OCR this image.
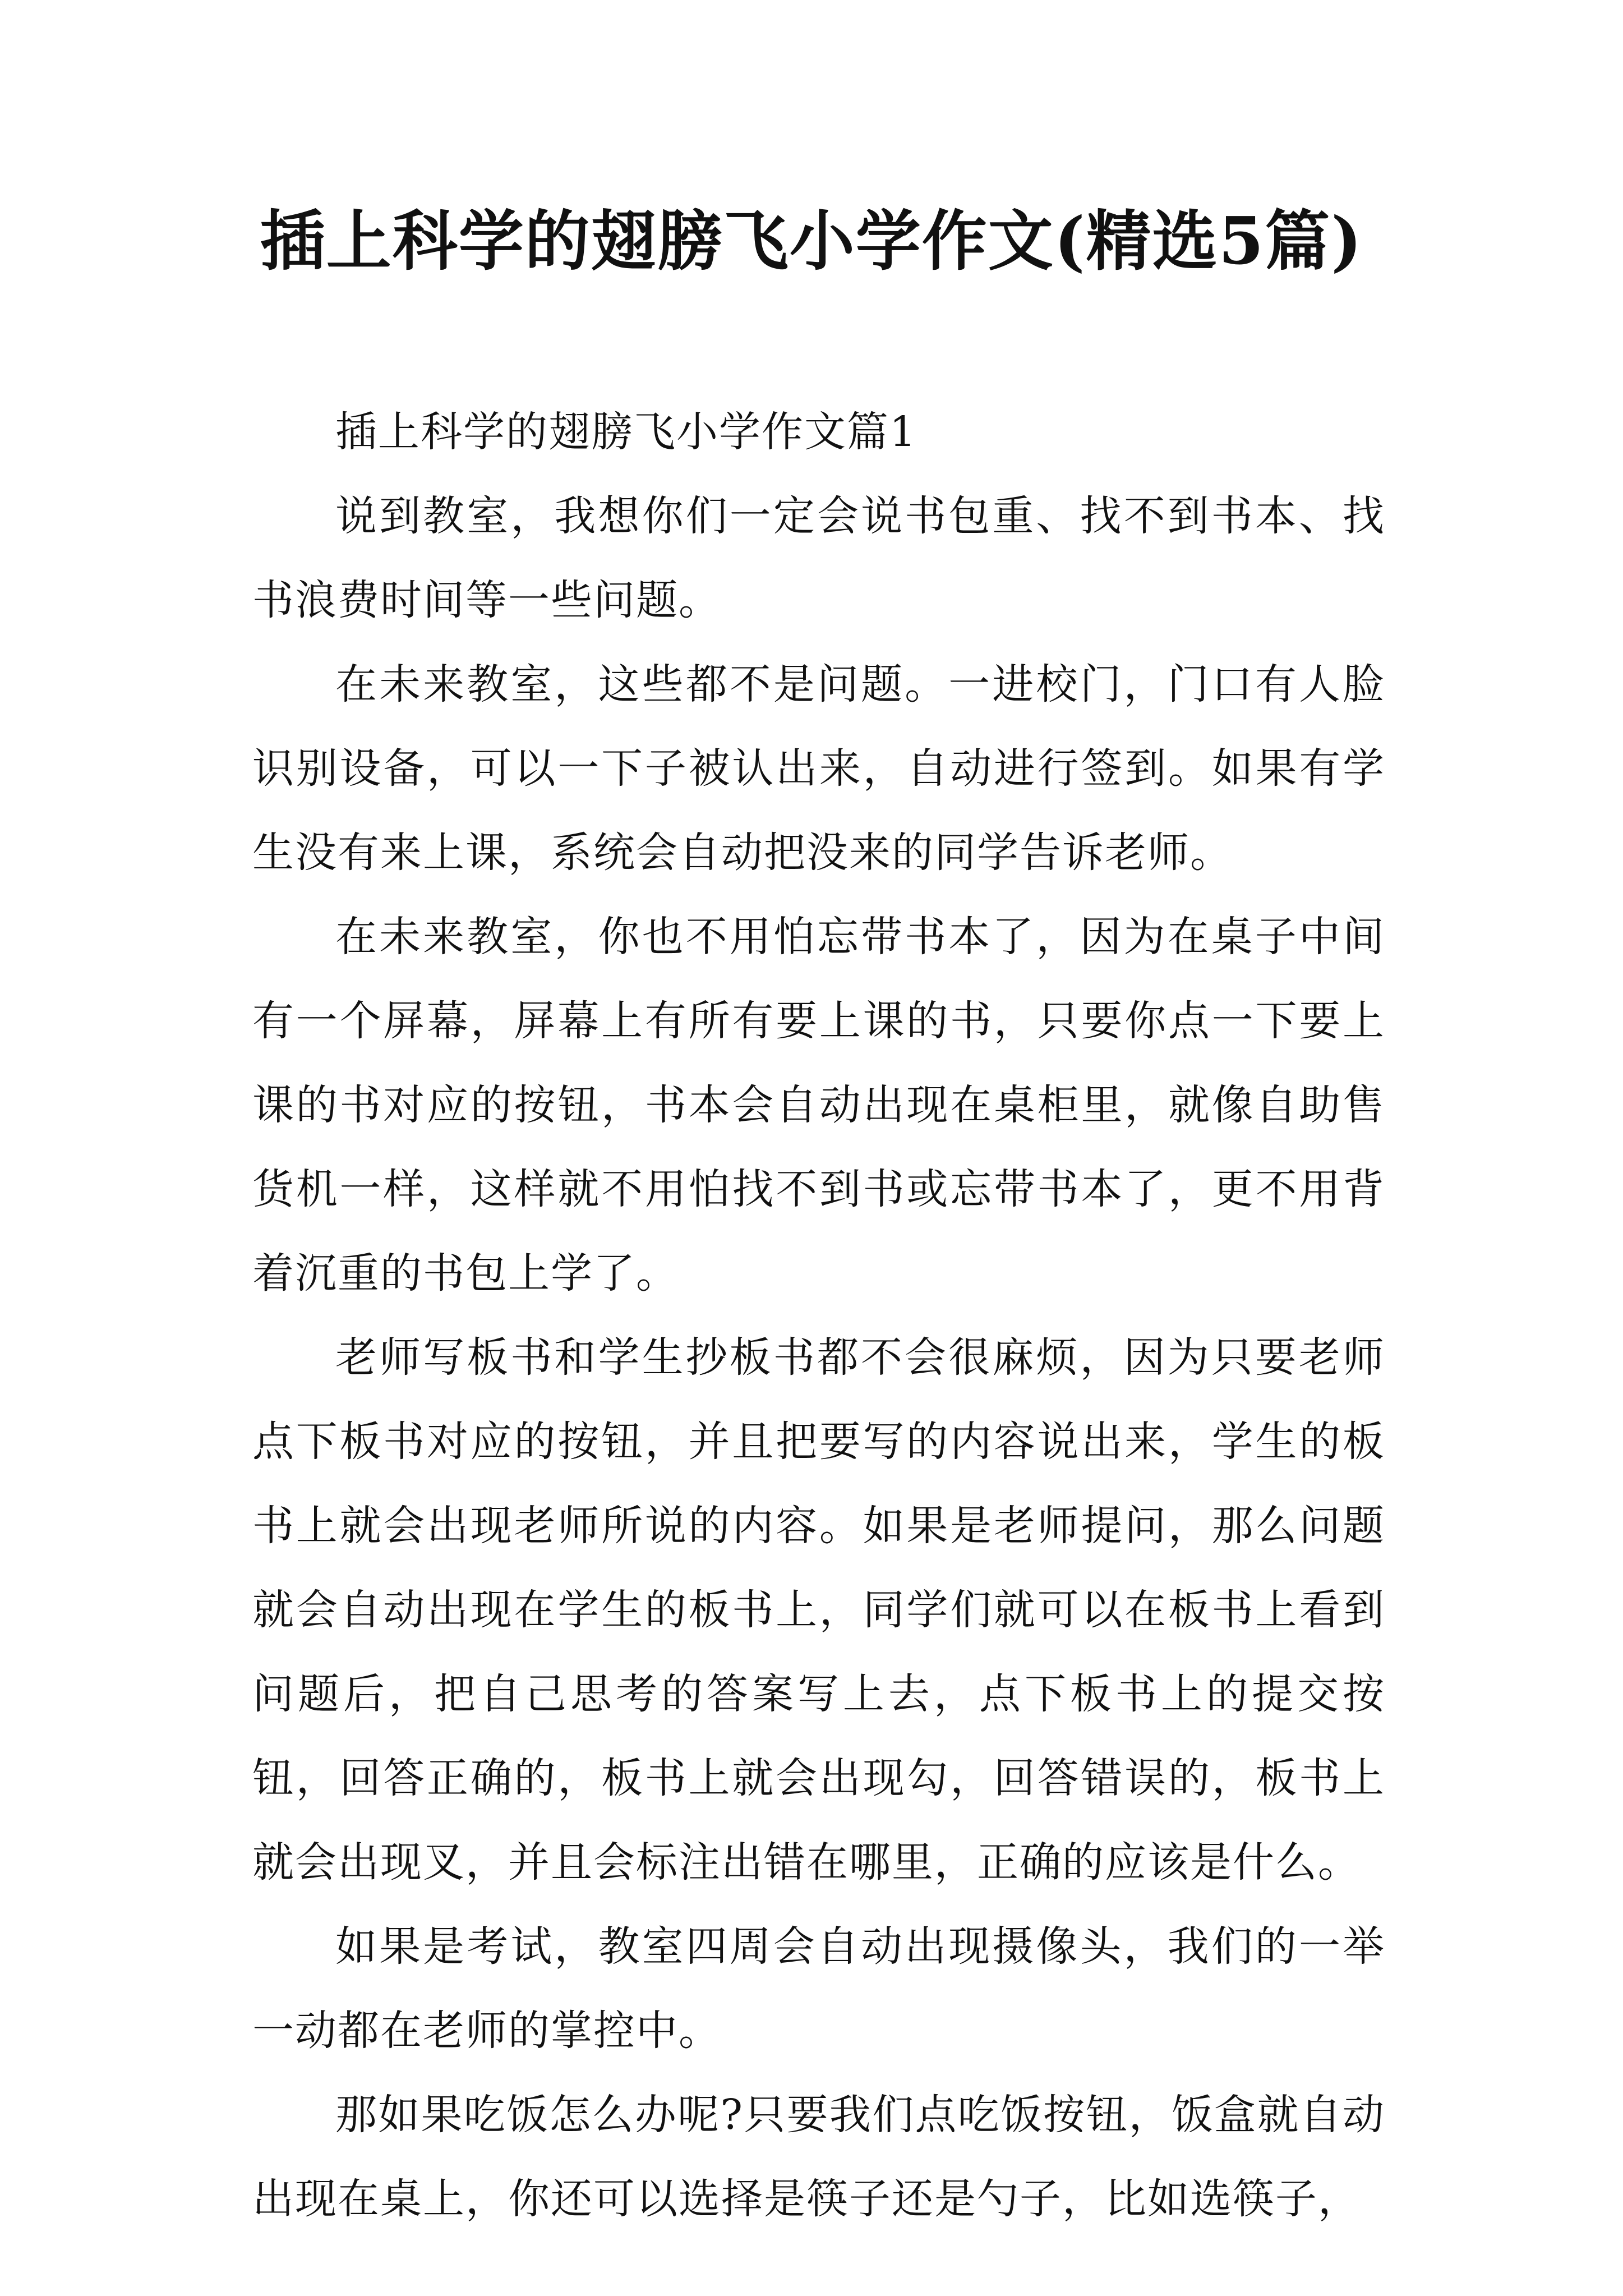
插上科学的翅膀飞小学作文(精选5篇)

插上科学的翅膀飞小学作文篇1

说到教室，我想你们一定会说书包重、找不到书本、找书浪费时间等一些问题。

在未来教室，这些都不是问题。一进校门，门口有人脸识别设备，可以一下子被认出来，自动进行签到。如果有学生没有来上课，系统会自动把没来的同学告诉老师。

在未来教室，你也不用怕忘带书本了，因为在桌子中间有一个屏幕，屏幕上有所有要上课的书，只要你点一下要上课的书对应的按钮，书本会自动出现在桌柜里，就像自助售货机一样，这样就不用怕找不到书或忘带书本了，更不用背着沉重的书包上学了。

老师写板书和学生抄板书都不会很麻烦，因为只要老师点下板书对应的按钮，并且把要写的内容说出来，学生的板书上就会出现老师所说的内容。如果是老师提问，那么问题就会自动出现在学生的板书上，同学们就可以在板书上看到问题后，把自己思考的答案写上去，点下板书上的提交按钮，回答正确的，板书上就会出现勾，回答错误的，板书上就会出现叉，并且会标注出错在哪里，正确的应该是什么。

如果是考试，教室四周会自动出现摄像头，我们的一举一动都在老师的掌控中。

那如果吃饭怎么办呢?只要我们点吃饭按钮，饭盒就自动出现在桌上，你还可以选择是筷子还是勺子，比如选筷子，
